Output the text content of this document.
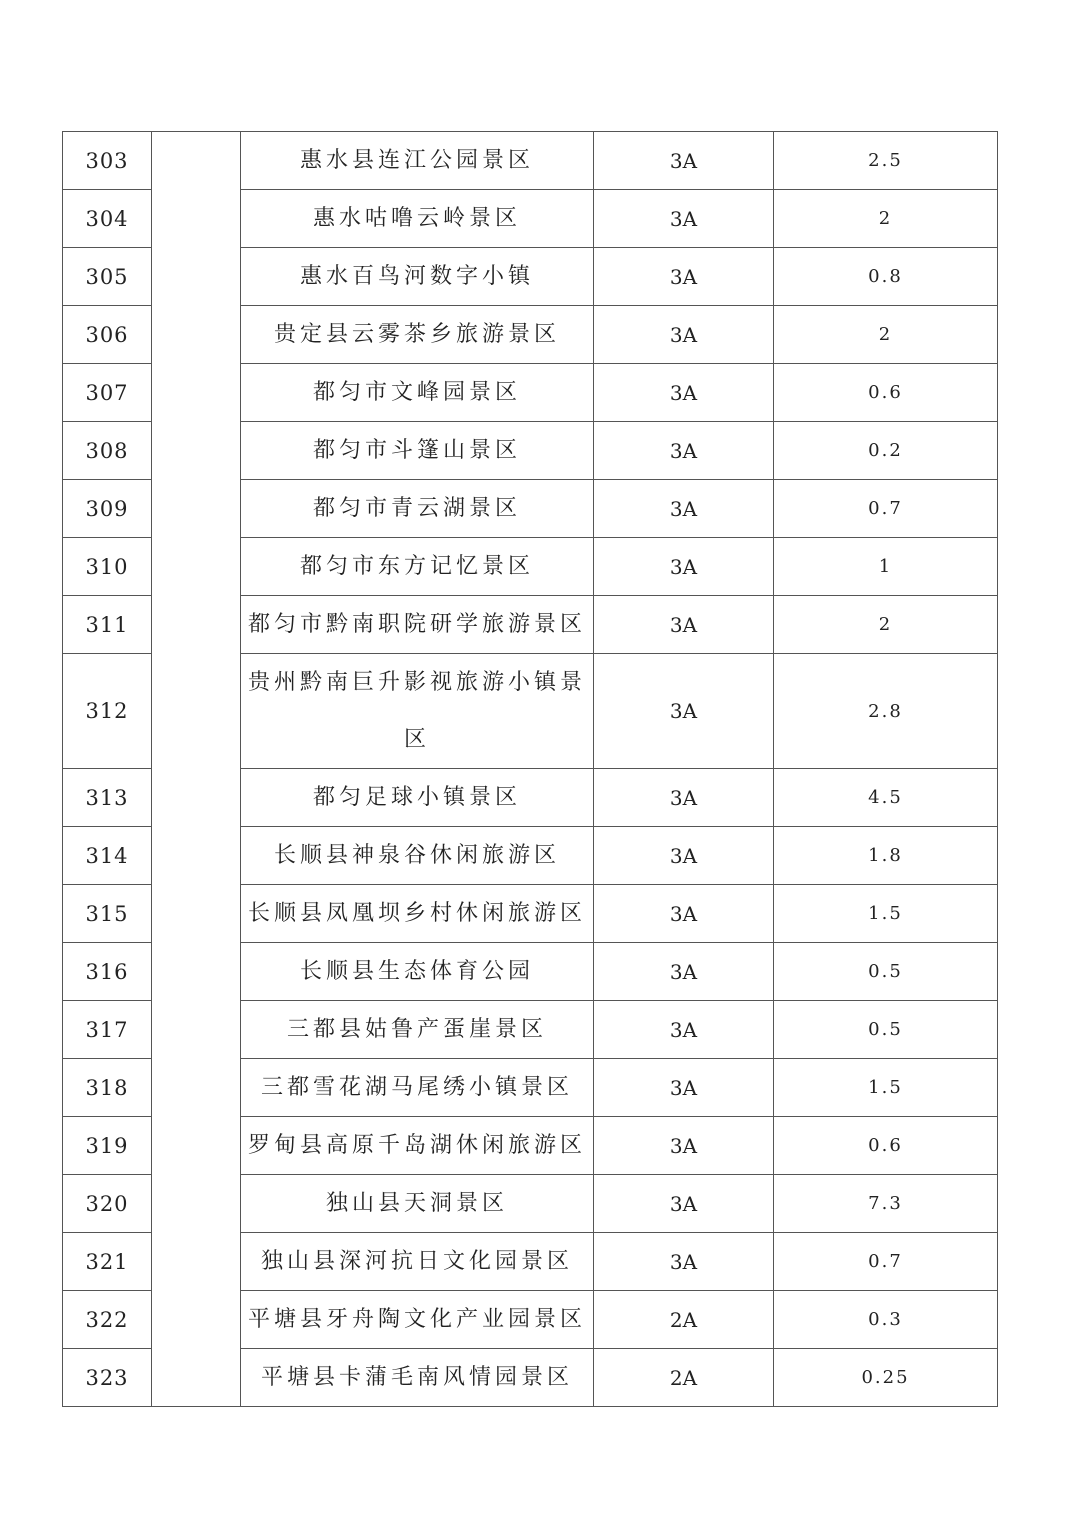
303		惠水县连江公园景区	3A	2.5
304		惠水咕噜云岭景区	3A	2
305		惠水百鸟河数字小镇	3A	0.8
306		贵定县云雾茶乡旅游景区	3A	2
307		都匀市文峰园景区	3A	0.6
308		都匀市斗篷山景区	3A	0.2
309		都匀市青云湖景区	3A	0.7
310		都匀市东方记忆景区	3A	1
311		都匀市黔南职院研学旅游景区	3A	2
312		贵州黔南巨升影视旅游小镇景区	3A	2.8
313		都匀足球小镇景区	3A	4.5
314		长顺县神泉谷休闲旅游区	3A	1.8
315		长顺县凤凰坝乡村休闲旅游区	3A	1.5
316		长顺县生态体育公园	3A	0.5
317		三都县姑鲁产蛋崖景区	3A	0.5
318		三都雪花湖马尾绣小镇景区	3A	1.5
319		罗甸县高原千岛湖休闲旅游区	3A	0.6
320		独山县天洞景区	3A	7.3
321		独山县深河抗日文化园景区	3A	0.7
322		平塘县牙舟陶文化产业园景区	2A	0.3
323		平塘县卡蒲毛南风情园景区	2A	0.25
